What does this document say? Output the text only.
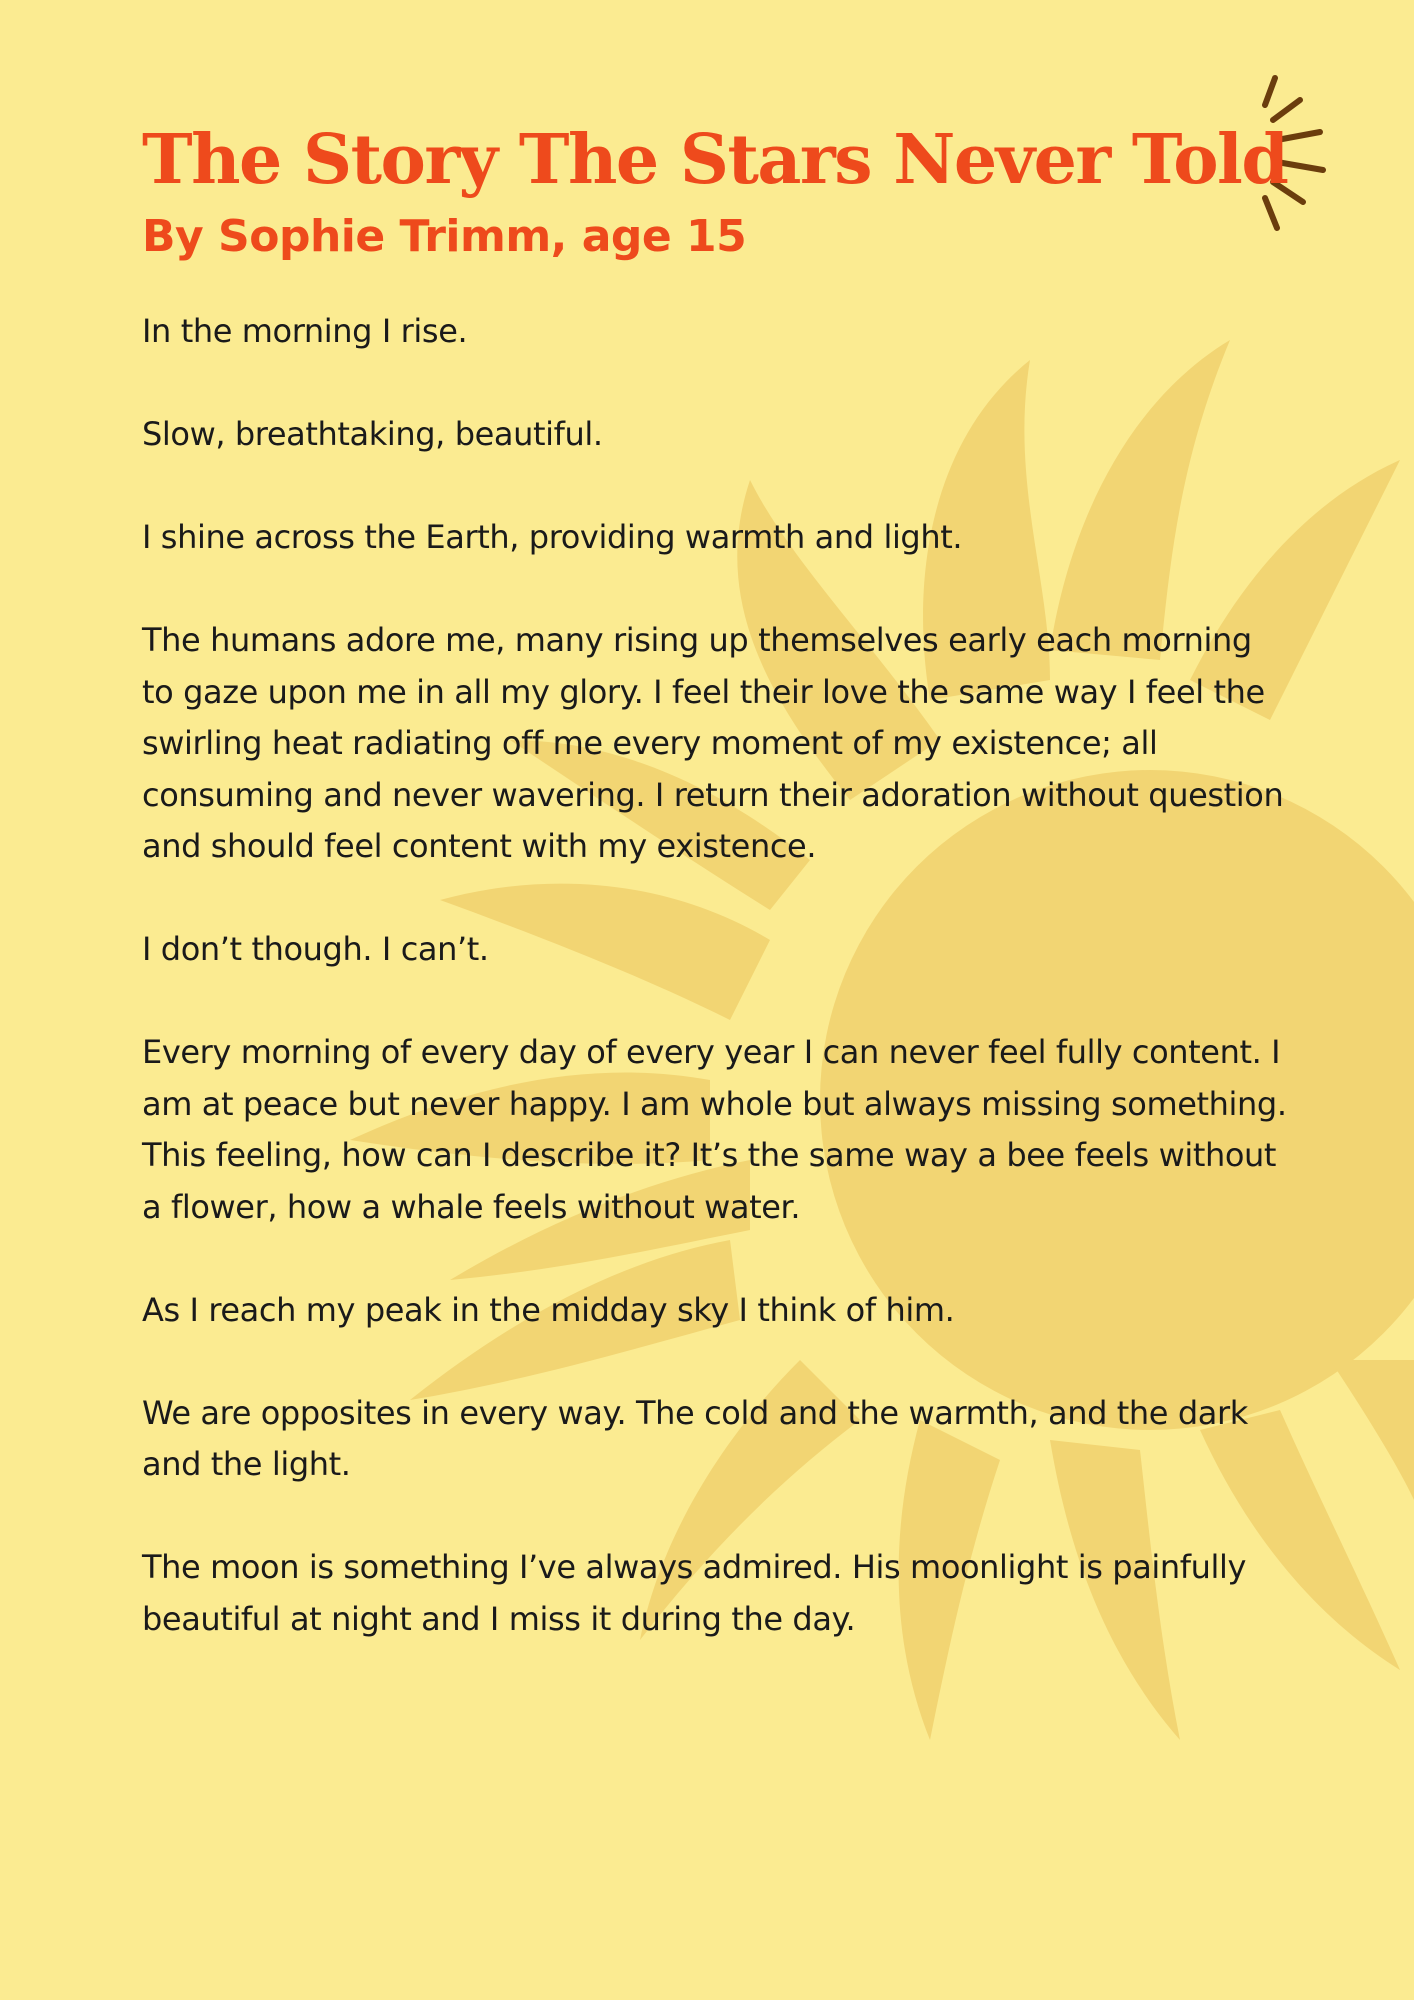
The Story The Stars Never Told
By Sophie Trimm, age 15

In the morning I rise.

Slow, breathtaking, beautiful.

I shine across the Earth, providing warmth and light.

The humans adore me, many rising up themselves early each morning to gaze upon me in all my glory. I feel their love the same way I feel the swirling heat radiating off me every moment of my existence; all consuming and never wavering. I return their adoration without question and should feel content with my existence.

I don’t though. I can’t.

Every morning of every day of every year I can never feel fully content. I am at peace but never happy. I am whole but always missing something. This feeling, how can I describe it? It’s the same way a bee feels without a flower, how a whale feels without water.

As I reach my peak in the midday sky I think of him.

We are opposites in every way. The cold and the warmth, and the dark and the light.

The moon is something I’ve always admired. His moonlight is painfully beautiful at night and I miss it during the day.
